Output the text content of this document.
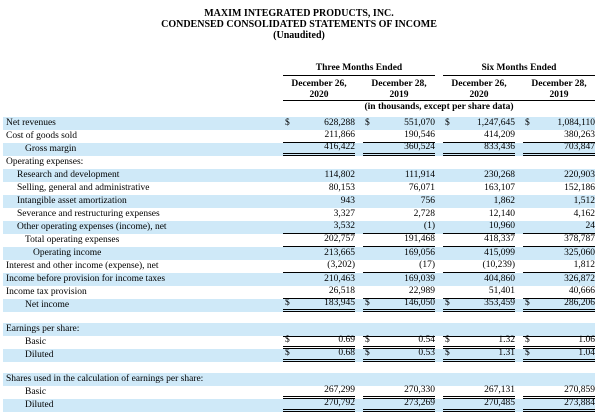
MAXIM INTEGRATED PRODUCTS, INC.
CONDENSED CONSOLIDATED STATEMENTS OF INCOME
(Unaudited)
Three Months Ended	Six Months Ended
December 26,
2020
December 28,
2019
December 26,
2020
December 28,
2019
(in thousands, except per share data)
Net revenues	$	628,288 $	551,070 $	1,247,645 $	1,084,110
Cost of goods sold	211,866	190,546	414,209	380,263
Gross margin	416,422	360,524	833,436	703,847
Operating expenses:
Research and development	114,802	111,914	230,268	220,903
Selling, general and administrative	80,153	76,071	163,107	152,186
Intangible asset amortization	943	756	1,862	1,512
Severance and restructuring expenses	3,327	2,728	12,140	4,162
Other operating expenses (income), net	3,532	(1)	10,960	24
Total operating expenses	202,757	191,468	418,337	378,787
Operating income	213,665	169,056	415,099	325,060
Interest and other income (expense), net	(3,202)	(17)	(10,239)	1,812
Income before provision for income taxes	210,463	169,039	404,860	326,872
Income tax provision	26,518	22,989	51,401	40,666
Net income	$	183,945 $	146,050 $	353,459 $	286,206
Earnings per share:
Basic	$	0.69 $	0.54 $	1.32 $	1.06
Diluted	$	0.68 $	0.53 $	1.31 $	1.04
Shares used in the calculation of earnings per share:
Basic	267,299	270,330	267,131	270,859
Diluted	270,792	273,269	270,485	273,884
